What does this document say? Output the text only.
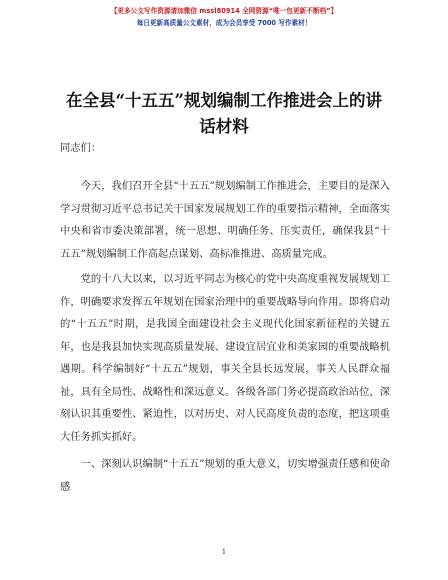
【更多公文写作资源请加微信 mssl80914 全网资源“唯一包更新不断档”】
每日更新高质量公文素材，成为会员享受 7000 写作素材！
在全县“十五五”规划编制工作推进会上的讲话材料
同志们：
今天，我们召开全县“十五五”规划编制工作推进会，主要目的是深入学习贯彻习近平总书记关于国家发展规划工作的重要指示精神，全面落实中央和省市委决策部署，统一思想、明确任务、压实责任，确保我县“十五五”规划编制工作高起点谋划、高标准推进、高质量完成。
党的十八大以来，以习近平同志为核心的党中央高度重视发展规划工作，明确要求发挥五年规划在国家治理中的重要战略导向作用。即将启动的“十五五”时期，是我国全面建设社会主义现代化国家新征程的关键五年，也是我县加快实现高质量发展、建设宜居宜业和美家园的重要战略机遇期。科学编制好“十五五”规划，事关全县长远发展，事关人民群众福祉，具有全局性、战略性和深远意义。各级各部门务必提高政治站位，深刻认识其重要性、紧迫性，以对历史、对人民高度负责的态度，把这项重大任务抓实抓好。
一、深刻认识编制“十五五”规划的重大意义，切实增强责任感和使命感
1
